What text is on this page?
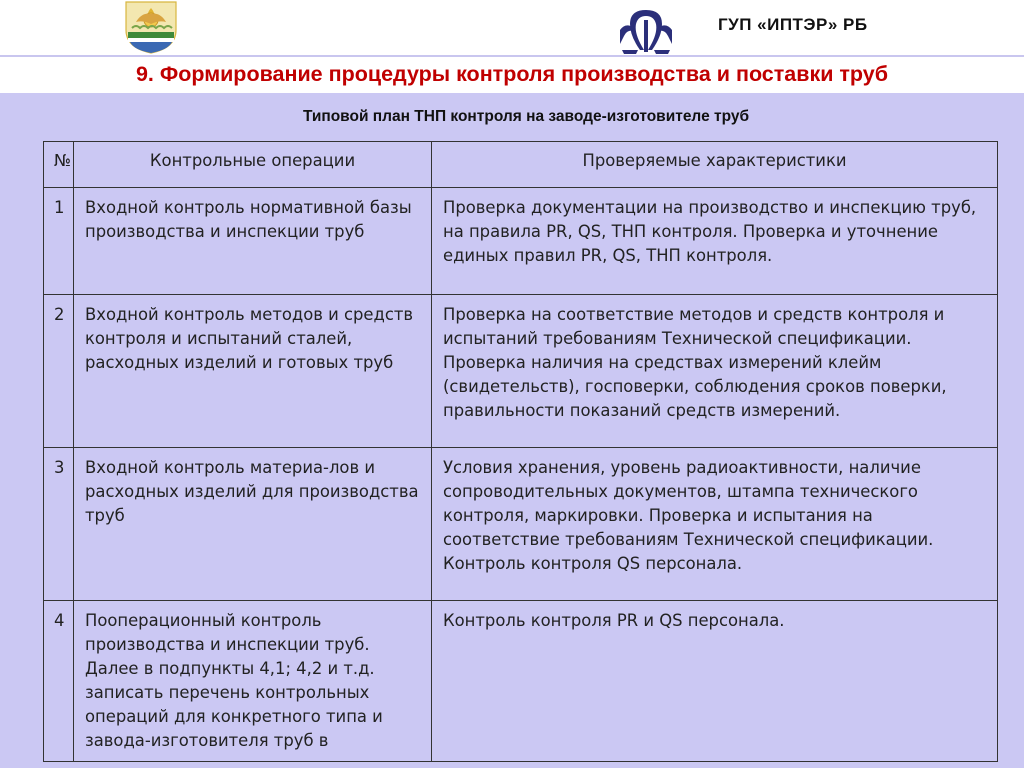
ГУП «ИПТЭР» РБ
9. Формирование процедуры контроля производства и поставки труб
Типовой план ТНП контроля на заводе-изготовителе труб
№	Контрольные операции	Проверяемые характеристики
1	Входной контроль нормативной базы производства и инспекции труб	Проверка документации на производство и инспекцию труб, на правила PR, QS, ТНП контроля. Проверка и уточнение единых правил PR, QS, ТНП контроля.
2	Входной контроль методов и средств контроля и испытаний сталей, расходных изделий и готовых труб	Проверка на соответствие методов и средств контроля и испытаний требованиям Технической спецификации. Проверка наличия на средствах измерений клейм (свидетельств), госповерки, соблюдения сроков поверки, правильности показаний средств измерений.
3	Входной контроль материа-лов и расходных изделий для производства труб	Условия хранения, уровень радиоактивности, наличие сопроводительных документов, штампа технического контроля, маркировки. Проверка и испытания на соответствие требованиям Технической спецификации. Контроль контроля QS персонала.
4	Пооперационный контроль производства и инспекции труб. Далее в подпункты 4,1; 4,2 и т.д. записать перечень контрольных операций для конкретного типа и завода-изготовителя труб в	Контроль контроля PR и QS персонала.
